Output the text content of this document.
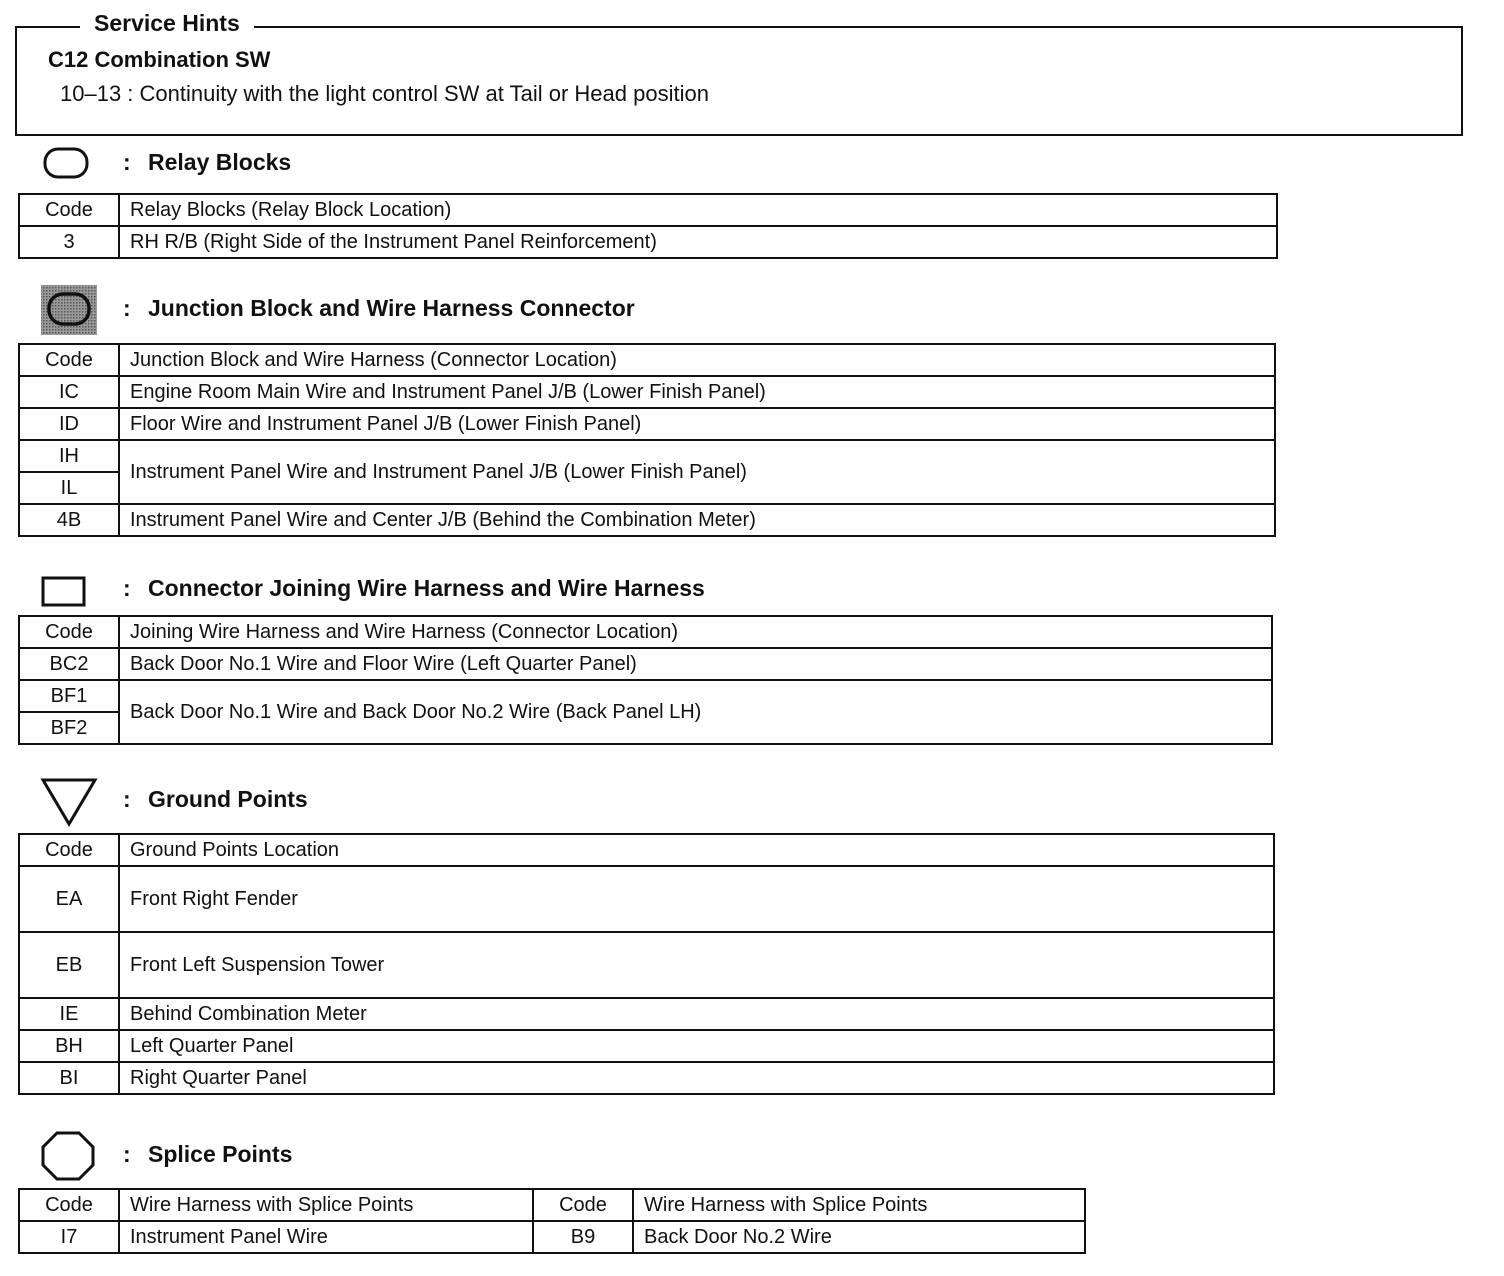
Service Hints
C12 Combination SW
10–13 : Continuity with the light control SW at Tail or Head position
: Relay Blocks
Code	Relay Blocks (Relay Block Location)
3	RH R/B (Right Side of the Instrument Panel Reinforcement)
: Junction Block and Wire Harness Connector
Code	Junction Block and Wire Harness (Connector Location)
IC	Engine Room Main Wire and Instrument Panel J/B (Lower Finish Panel)
ID	Floor Wire and Instrument Panel J/B (Lower Finish Panel)
IH	Instrument Panel Wire and Instrument Panel J/B (Lower Finish Panel)
IL	
4B	Instrument Panel Wire and Center J/B (Behind the Combination Meter)
: Connector Joining Wire Harness and Wire Harness
Code	Joining Wire Harness and Wire Harness (Connector Location)
BC2	Back Door No.1 Wire and Floor Wire (Left Quarter Panel)
BF1	Back Door No.1 Wire and Back Door No.2 Wire (Back Panel LH)
BF2	
: Ground Points
Code	Ground Points Location
EA	Front Right Fender
EB	Front Left Suspension Tower
IE	Behind Combination Meter
BH	Left Quarter Panel
BI	Right Quarter Panel
: Splice Points
Code	Wire Harness with Splice Points	Code	Wire Harness with Splice Points
I7	Instrument Panel Wire	B9	Back Door No.2 Wire
